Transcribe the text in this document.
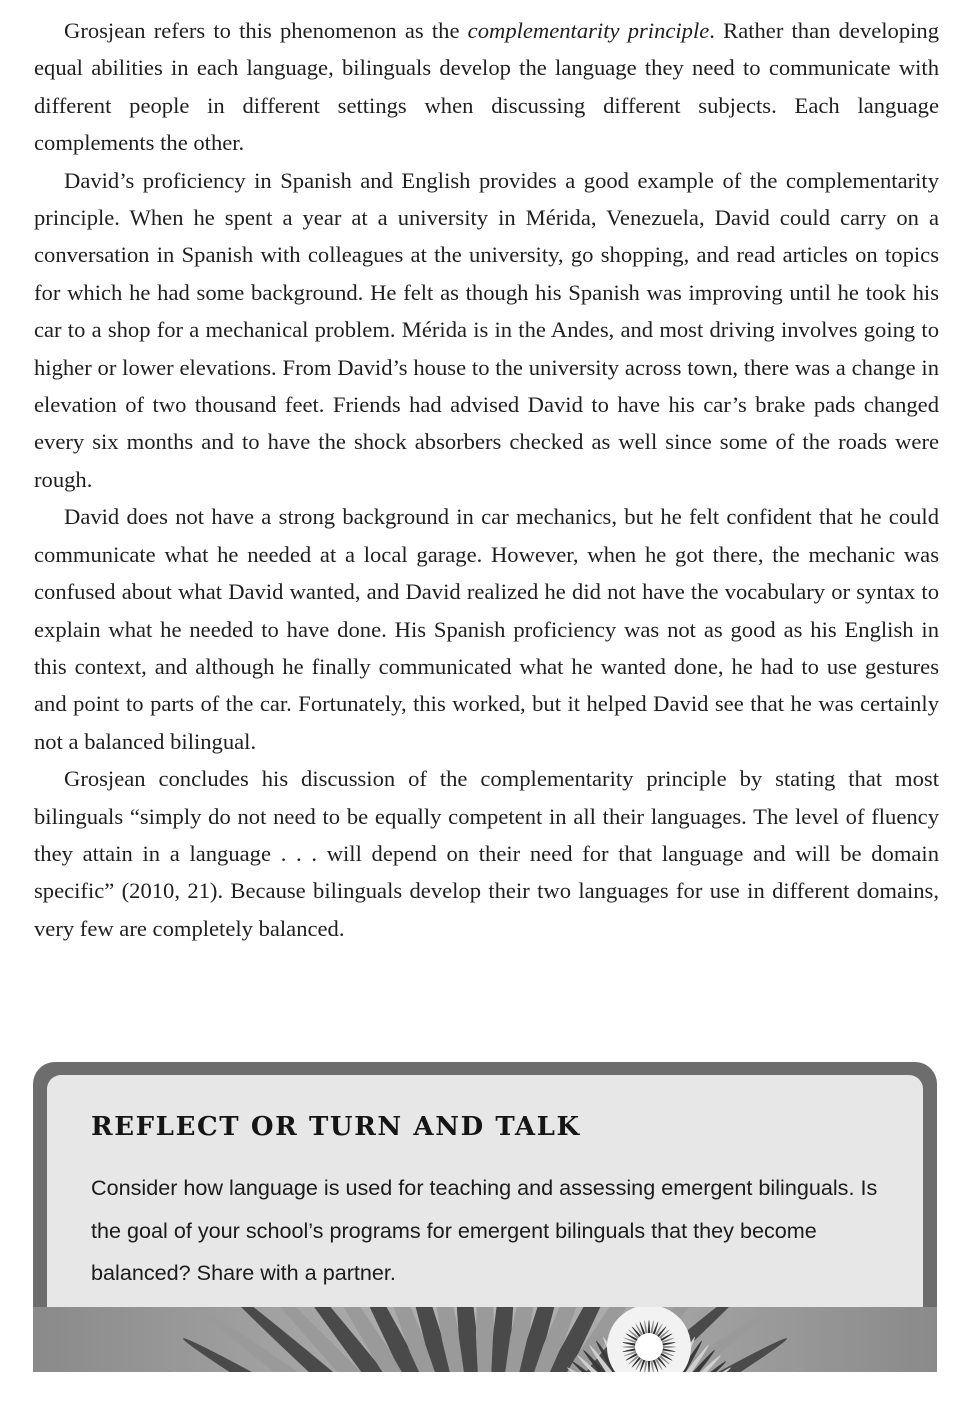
Grosjean refers to this phenomenon as the complementarity principle. Rather than developing equal abilities in each language, bilinguals develop the language they need to communicate with different people in different settings when discussing different subjects. Each language complements the other.

David’s proficiency in Spanish and English provides a good example of the complementarity principle. When he spent a year at a university in Mérida, Venezuela, David could carry on a conversation in Spanish with colleagues at the university, go shopping, and read articles on topics for which he had some background. He felt as though his Spanish was improving until he took his car to a shop for a mechanical problem. Mérida is in the Andes, and most driving involves going to higher or lower elevations. From David’s house to the university across town, there was a change in elevation of two thousand feet. Friends had advised David to have his car’s brake pads changed every six months and to have the shock absorbers checked as well since some of the roads were rough.

David does not have a strong background in car mechanics, but he felt confident that he could communicate what he needed at a local garage. However, when he got there, the mechanic was confused about what David wanted, and David realized he did not have the vocabulary or syntax to explain what he needed to have done. His Spanish proficiency was not as good as his English in this context, and although he finally communicated what he wanted done, he had to use gestures and point to parts of the car. Fortunately, this worked, but it helped David see that he was certainly not a balanced bilingual.

Grosjean concludes his discussion of the complementarity principle by stating that most bilinguals “simply do not need to be equally competent in all their languages. The level of fluency they attain in a language . . . will depend on their need for that language and will be domain specific” (2010, 21). Because bilinguals develop their two languages for use in different domains, very few are completely balanced.

REFLECT OR TURN AND TALK

Consider how language is used for teaching and assessing emergent bilinguals. Is the goal of your school’s programs for emergent bilinguals that they become balanced? Share with a partner.
